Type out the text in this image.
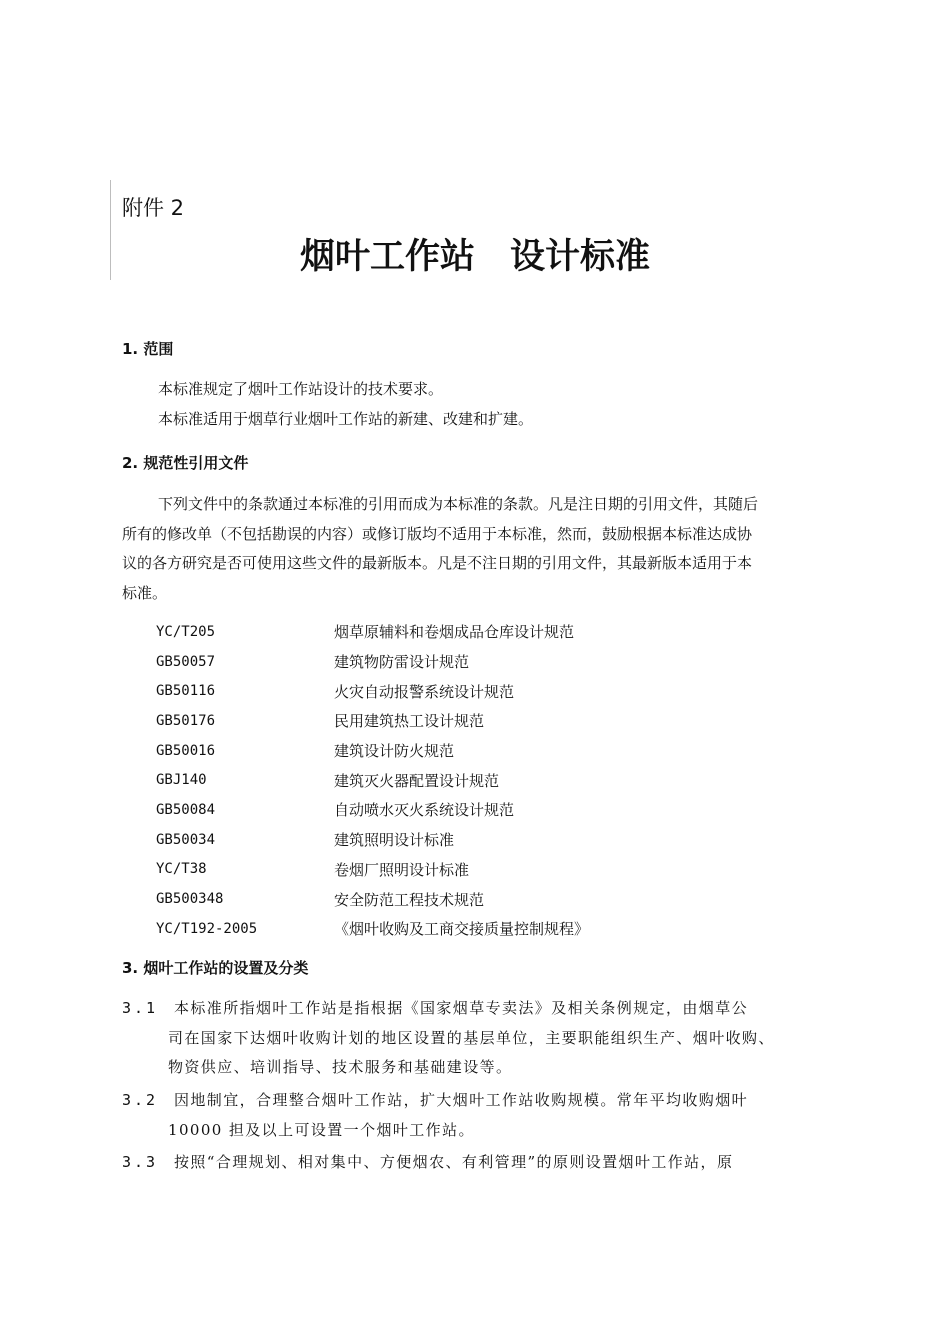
附件 2
烟叶工作站　设计标准
1. 范围
本标准规定了烟叶工作站设计的技术要求。
本标准适用于烟草行业烟叶工作站的新建、改建和扩建。
2. 规范性引用文件
下列文件中的条款通过本标准的引用而成为本标准的条款。凡是注日期的引用文件，其随后
所有的修改单（不包括勘误的内容）或修订版均不适用于本标准，然而，鼓励根据本标准达成协
议的各方研究是否可使用这些文件的最新版本。凡是不注日期的引用文件，其最新版本适用于本
标准。
YC/T205	烟草原辅料和卷烟成品仓库设计规范
GB50057	建筑物防雷设计规范
GB50116	火灾自动报警系统设计规范
GB50176	民用建筑热工设计规范
GB50016	建筑设计防火规范
GBJ140	建筑灭火器配置设计规范
GB50084	自动喷水灭火系统设计规范
GB50034	建筑照明设计标准
YC/T38	卷烟厂照明设计标准
GB500348	安全防范工程技术规范
YC/T192-2005	《烟叶收购及工商交接质量控制规程》
3. 烟叶工作站的设置及分类
3.1 本标准所指烟叶工作站是指根据《国家烟草专卖法》及相关条例规定，由烟草公
司在国家下达烟叶收购计划的地区设置的基层单位，主要职能组织生产、烟叶收购、
物资供应、培训指导、技术服务和基础建设等。
3.2 因地制宜，合理整合烟叶工作站，扩大烟叶工作站收购规模。常年平均收购烟叶
10000 担及以上可设置一个烟叶工作站。
3.3 按照“合理规划、相对集中、方便烟农、有利管理”的原则设置烟叶工作站，原
